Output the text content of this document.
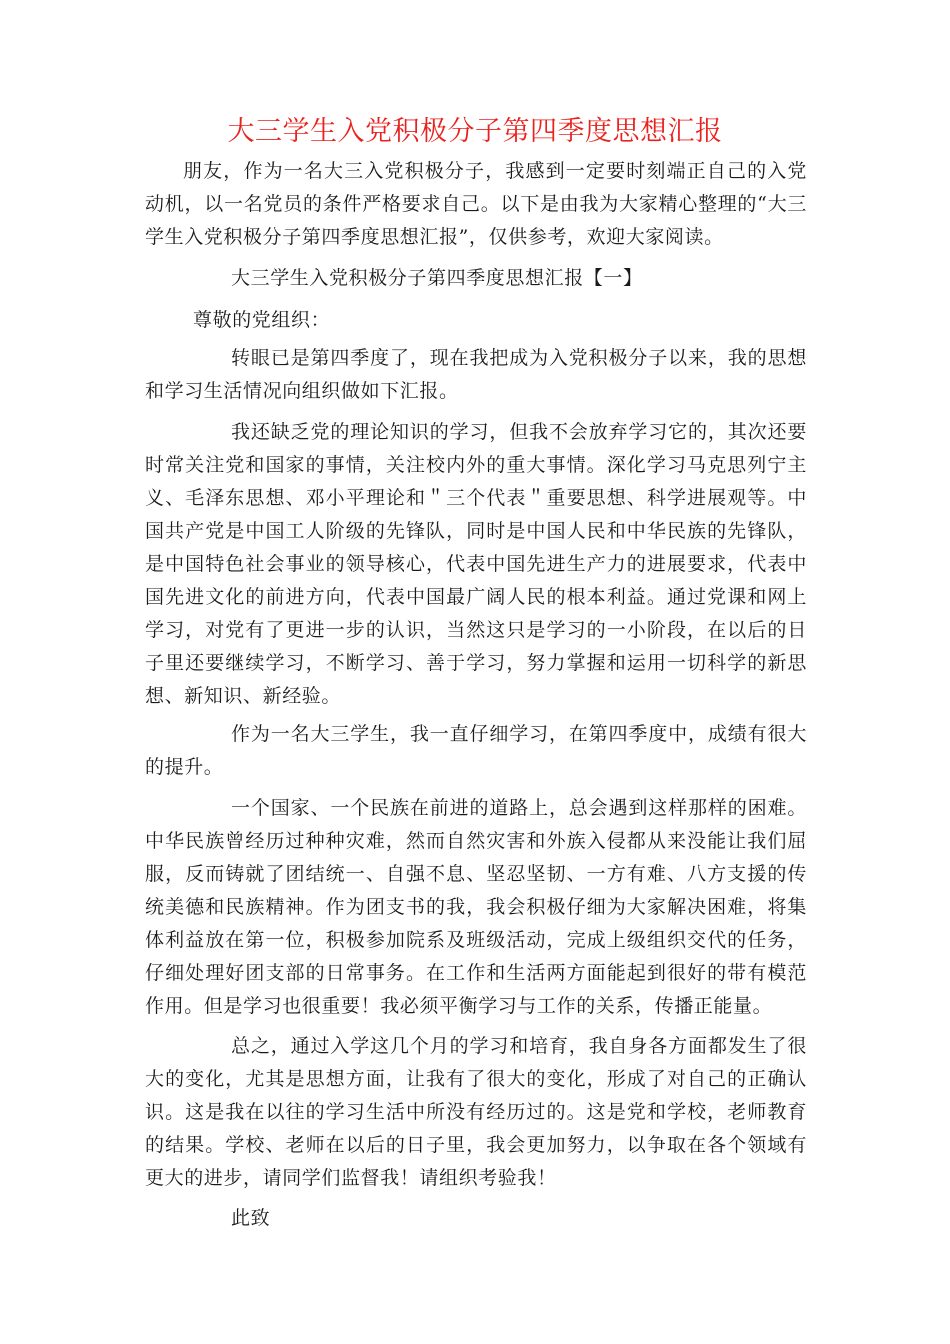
大三学生入党积极分子第四季度思想汇报

朋友，作为一名大三入党积极分子，我感到一定要时刻端正自己的入党动机，以一名党员的条件严格要求自己。以下是由我为大家精心整理的“大三学生入党积极分子第四季度思想汇报”，仅供参考，欢迎大家阅读。

大三学生入党积极分子第四季度思想汇报【一】

尊敬的党组织：

转眼已是第四季度了，现在我把成为入党积极分子以来，我的思想和学习生活情况向组织做如下汇报。

我还缺乏党的理论知识的学习，但我不会放弃学习它的，其次还要时常关注党和国家的事情，关注校内外的重大事情。深化学习马克思列宁主义、毛泽东思想、邓小平理论和＂三个代表＂重要思想、科学进展观等。中国共产党是中国工人阶级的先锋队，同时是中国人民和中华民族的先锋队，是中国特色社会事业的领导核心，代表中国先进生产力的进展要求，代表中国先进文化的前进方向，代表中国最广阔人民的根本利益。通过党课和网上学习，对党有了更进一步的认识，当然这只是学习的一小阶段，在以后的日子里还要继续学习，不断学习、善于学习，努力掌握和运用一切科学的新思想、新知识、新经验。

作为一名大三学生，我一直仔细学习，在第四季度中，成绩有很大的提升。

一个国家、一个民族在前进的道路上，总会遇到这样那样的困难。中华民族曾经历过种种灾难，然而自然灾害和外族入侵都从来没能让我们屈服，反而铸就了团结统一、自强不息、坚忍坚韧、一方有难、八方支援的传统美德和民族精神。作为团支书的我，我会积极仔细为大家解决困难，将集体利益放在第一位，积极参加院系及班级活动，完成上级组织交代的任务，仔细处理好团支部的日常事务。在工作和生活两方面能起到很好的带有模范作用。但是学习也很重要！我必须平衡学习与工作的关系，传播正能量。

总之，通过入学这几个月的学习和培育，我自身各方面都发生了很大的变化，尤其是思想方面，让我有了很大的变化，形成了对自己的正确认识。这是我在以往的学习生活中所没有经历过的。这是党和学校，老师教育的结果。学校、老师在以后的日子里，我会更加努力，以争取在各个领域有更大的进步，请同学们监督我！请组织考验我！

此致
